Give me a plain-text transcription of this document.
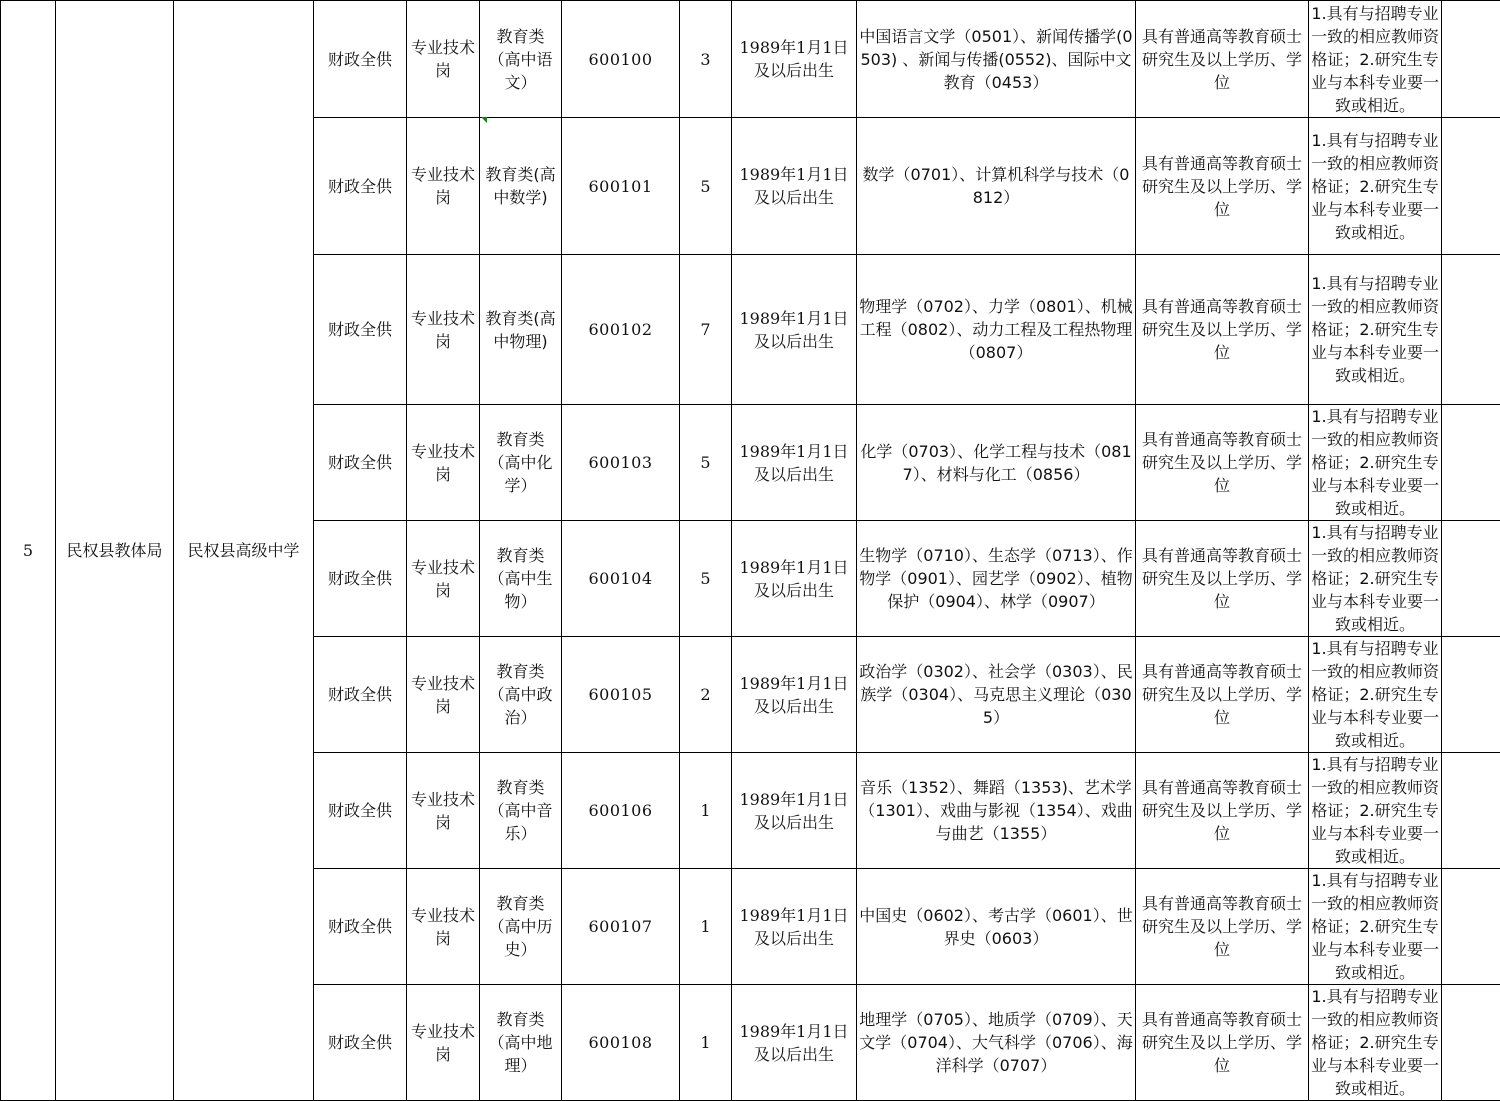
5	民权县教体局	民权县高级中学	财政全供	专业技术岗	教育类（高中语文）	600100	3	1989年1月1日及以后出生	中国语言文学（0501）、新闻传播学(0503) 、新闻与传播(0552)、国际中文教育（0453）	具有普通高等教育硕士研究生及以上学历、学位	1.具有与招聘专业一致的相应教师资格证；2.研究生专业与本科专业要一致或相近。	
			财政全供	专业技术岗	教育类(高中数学)	600101	5	1989年1月1日及以后出生	数学（0701）、计算机科学与技术（0812）	具有普通高等教育硕士研究生及以上学历、学位	1.具有与招聘专业一致的相应教师资格证；2.研究生专业与本科专业要一致或相近。	
			财政全供	专业技术岗	教育类(高中物理)	600102	7	1989年1月1日及以后出生	物理学（0702）、力学（0801）、机械工程（0802）、动力工程及工程热物理（0807）	具有普通高等教育硕士研究生及以上学历、学位	1.具有与招聘专业一致的相应教师资格证；2.研究生专业与本科专业要一致或相近。	
			财政全供	专业技术岗	教育类（高中化学）	600103	5	1989年1月1日及以后出生	化学（0703）、化学工程与技术（0817）、材料与化工（0856）	具有普通高等教育硕士研究生及以上学历、学位	1.具有与招聘专业一致的相应教师资格证；2.研究生专业与本科专业要一致或相近。	
			财政全供	专业技术岗	教育类（高中生物）	600104	5	1989年1月1日及以后出生	生物学（0710）、生态学（0713）、作物学（0901）、园艺学（0902）、植物保护（0904）、林学（0907）	具有普通高等教育硕士研究生及以上学历、学位	1.具有与招聘专业一致的相应教师资格证；2.研究生专业与本科专业要一致或相近。	
			财政全供	专业技术岗	教育类（高中政治）	600105	2	1989年1月1日及以后出生	政治学（0302）、社会学（0303）、民族学（0304）、马克思主义理论（0305）	具有普通高等教育硕士研究生及以上学历、学位	1.具有与招聘专业一致的相应教师资格证；2.研究生专业与本科专业要一致或相近。	
			财政全供	专业技术岗	教育类（高中音乐）	600106	1	1989年1月1日及以后出生	音乐（1352）、舞蹈（1353)、艺术学（1301）、戏曲与影视（1354）、戏曲与曲艺（1355）	具有普通高等教育硕士研究生及以上学历、学位	1.具有与招聘专业一致的相应教师资格证；2.研究生专业与本科专业要一致或相近。	
			财政全供	专业技术岗	教育类（高中历史）	600107	1	1989年1月1日及以后出生	中国史（0602）、考古学（0601）、世界史（0603）	具有普通高等教育硕士研究生及以上学历、学位	1.具有与招聘专业一致的相应教师资格证；2.研究生专业与本科专业要一致或相近。	
			财政全供	专业技术岗	教育类（高中地理）	600108	1	1989年1月1日及以后出生	地理学（0705）、地质学（0709）、天文学（0704）、大气科学（0706）、海洋科学（0707）	具有普通高等教育硕士研究生及以上学历、学位	1.具有与招聘专业一致的相应教师资格证；2.研究生专业与本科专业要一致或相近。	
